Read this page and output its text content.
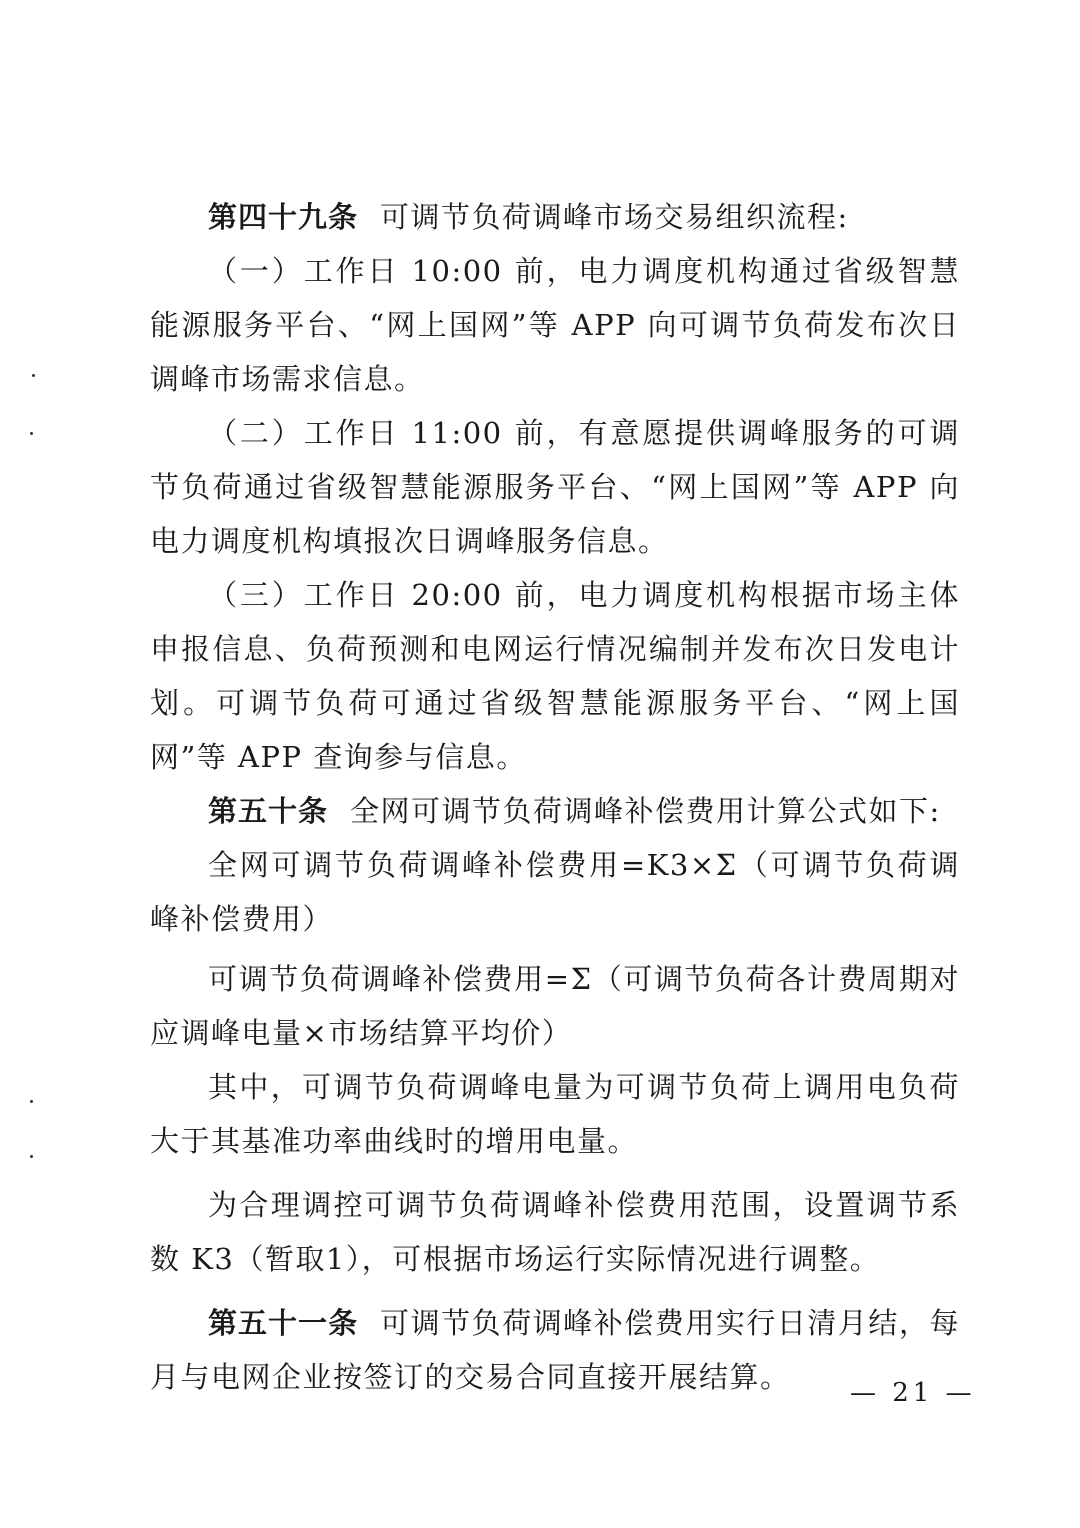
第四十九条 可调节负荷调峰市场交易组织流程:

（一）工作日 10:00 前，电力调度机构通过省级智慧能源服务平台、“网上国网”等 APP 向可调节负荷发布次日调峰市场需求信息。

（二）工作日 11:00 前，有意愿提供调峰服务的可调节负荷通过省级智慧能源服务平台、“网上国网”等 APP 向电力调度机构填报次日调峰服务信息。

（三）工作日 20:00 前，电力调度机构根据市场主体申报信息、负荷预测和电网运行情况编制并发布次日发电计划。可调节负荷可通过省级智慧能源服务平台、“网上国网”等 APP 查询参与信息。

第五十条 全网可调节负荷调峰补偿费用计算公式如下:

全网可调节负荷调峰补偿费用=K3×Σ（可调节负荷调峰补偿费用）

可调节负荷调峰补偿费用=Σ（可调节负荷各计费周期对应调峰电量×市场结算平均价）

其中，可调节负荷调峰电量为可调节负荷上调用电负荷大于其基准功率曲线时的增用电量。

为合理调控可调节负荷调峰补偿费用范围，设置调节系数 K3（暂取1），可根据市场运行实际情况进行调整。

第五十一条 可调节负荷调峰补偿费用实行日清月结，每月与电网企业按签订的交易合同直接开展结算。	— 21 —
